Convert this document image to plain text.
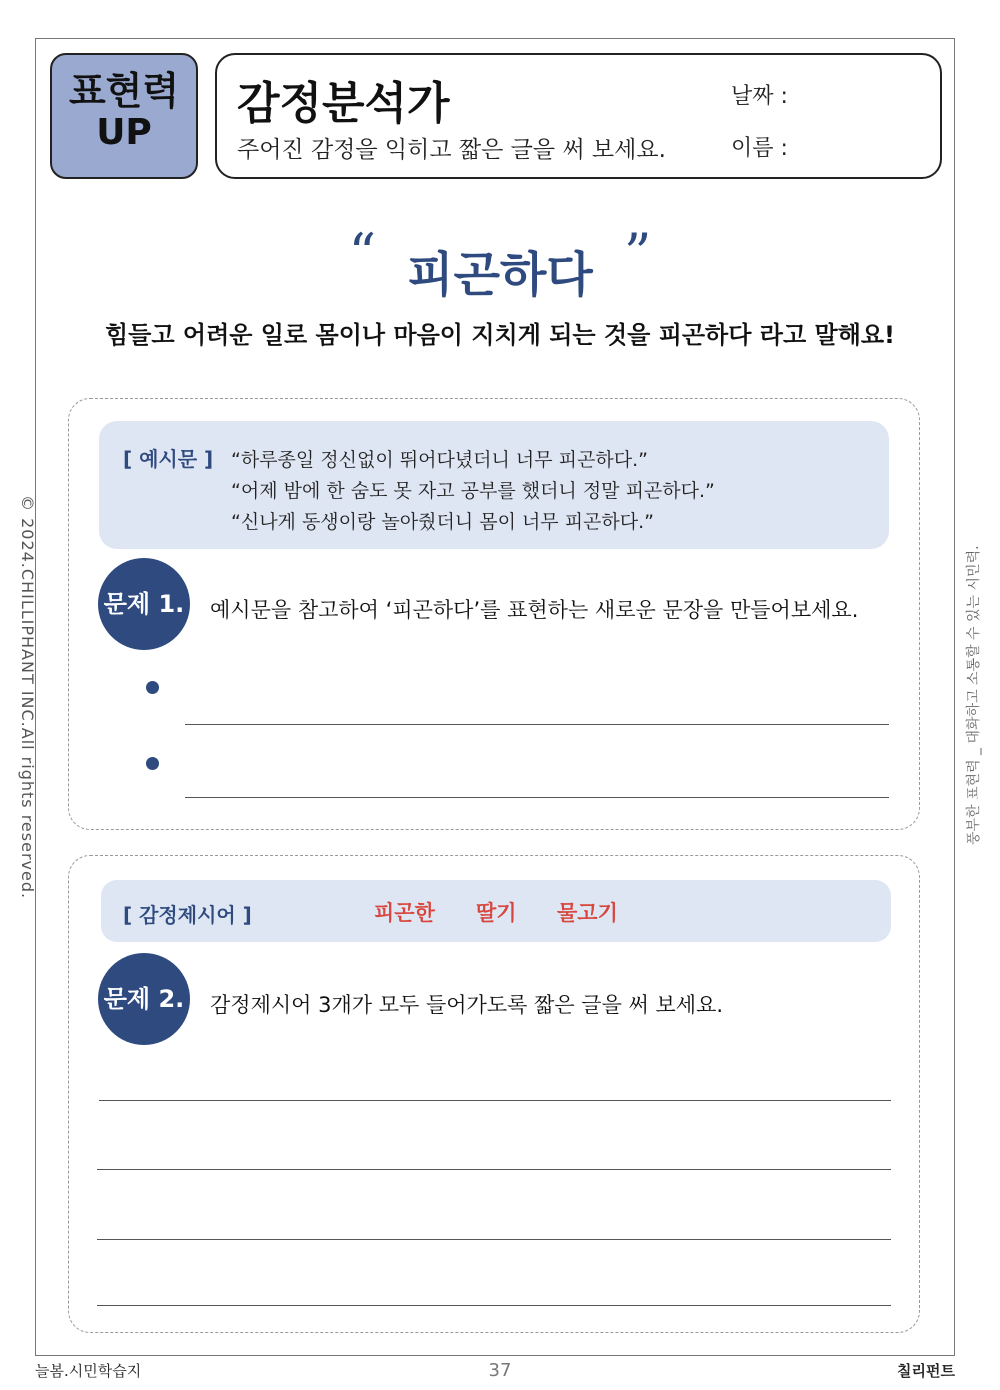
표현력
UP
감정분석가
주어진 감정을 익히고 짧은 글을 써 보세요.
날짜 :
이름 :
“ 피곤하다 ”
힘들고 어려운 일로 몸이나 마음이 지치게 되는 것을 피곤하다 라고 말해요!
[ 예시문 ] “하루종일 정신없이 뛰어다녔더니 너무 피곤하다.”
“어제 밤에 한 숨도 못 자고 공부를 했더니 정말 피곤하다.”
“신나게 동생이랑 놀아줬더니 몸이 너무 피곤하다.”
문제 1. 예시문을 참고하여 ‘피곤하다’를 표현하는 새로운 문장을 만들어보세요.
[ 감정제시어 ]	피곤한 딸기 물고기
문제 2. 감정제시어 3개가 모두 들어가도록 짧은 글을 써 보세요.
© 2024.CHILLIPHANT INC.All rights reserved.	풍부한 표현력 _ 대화하고 소통할 수 있는 시민력.
늘봄.시민학습지	37	칠리펀트
